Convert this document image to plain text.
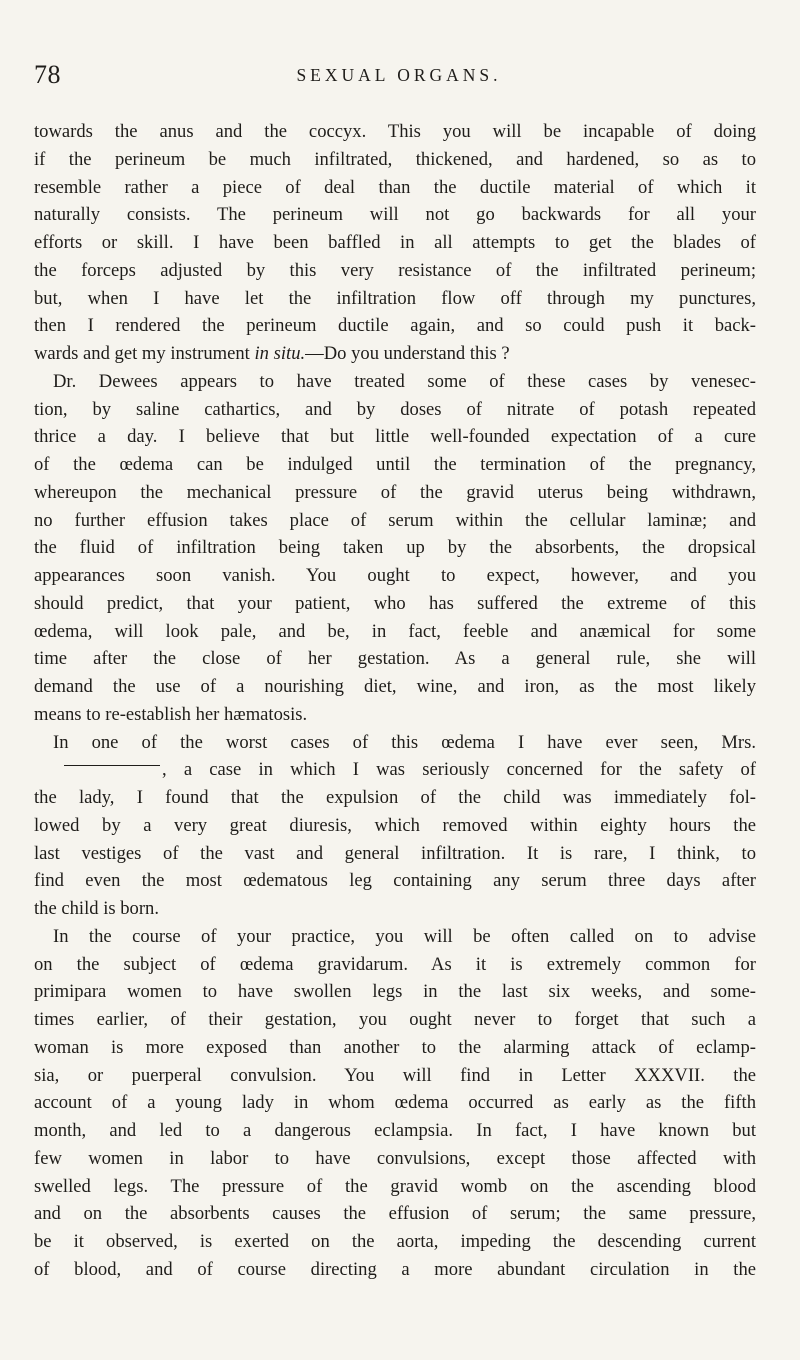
78	SEXUAL ORGANS.
towards the anus and the coccyx. This you will be incapable of doing
if the perineum be much infiltrated, thickened, and hardened, so as to
resemble rather a piece of deal than the ductile material of which it
naturally consists. The perineum will not go backwards for all your
efforts or skill. I have been baffled in all attempts to get the blades of
the forceps adjusted by this very resistance of the infiltrated perineum;
but, when I have let the infiltration flow off through my punctures,
then I rendered the perineum ductile again, and so could push it back-
wards and get my instrument in situ.—Do you understand this ?
Dr. Dewees appears to have treated some of these cases by venesec-
tion, by saline cathartics, and by doses of nitrate of potash repeated
thrice a day. I believe that but little well-founded expectation of a cure
of the œdema can be indulged until the termination of the pregnancy,
whereupon the mechanical pressure of the gravid uterus being withdrawn,
no further effusion takes place of serum within the cellular laminæ; and
the fluid of infiltration being taken up by the absorbents, the dropsical
appearances soon vanish. You ought to expect, however, and you
should predict, that your patient, who has suffered the extreme of this
œdema, will look pale, and be, in fact, feeble and anæmical for some
time after the close of her gestation. As a general rule, she will
demand the use of a nourishing diet, wine, and iron, as the most likely
means to re-establish her hæmatosis.
In one of the worst cases of this œdema I have ever seen, Mrs.
, a case in which I was seriously concerned for the safety of
the lady, I found that the expulsion of the child was immediately fol-
lowed by a very great diuresis, which removed within eighty hours the
last vestiges of the vast and general infiltration. It is rare, I think, to
find even the most œdematous leg containing any serum three days after
the child is born.
In the course of your practice, you will be often called on to advise
on the subject of œdema gravidarum. As it is extremely common for
primipara women to have swollen legs in the last six weeks, and some-
times earlier, of their gestation, you ought never to forget that such a
woman is more exposed than another to the alarming attack of eclamp-
sia, or puerperal convulsion. You will find in Letter XXXVII. the
account of a young lady in whom œdema occurred as early as the fifth
month, and led to a dangerous eclampsia. In fact, I have known but
few women in labor to have convulsions, except those affected with
swelled legs. The pressure of the gravid womb on the ascending blood
and on the absorbents causes the effusion of serum; the same pressure,
be it observed, is exerted on the aorta, impeding the descending current
of blood, and of course directing a more abundant circulation in the
